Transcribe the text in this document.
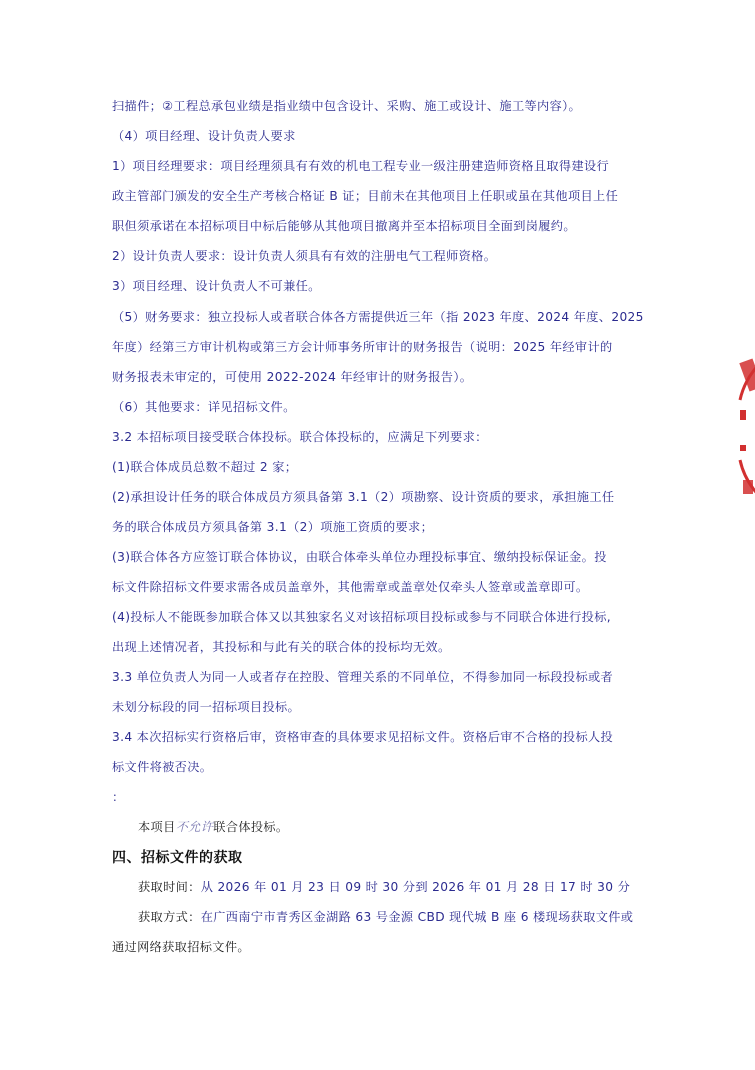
扫描件；②工程总承包业绩是指业绩中包含设计、采购、施工或设计、施工等内容）。
（4）项目经理、设计负责人要求
1）项目经理要求：项目经理须具有有效的机电工程专业一级注册建造师资格且取得建设行
政主管部门颁发的安全生产考核合格证 B 证；目前未在其他项目上任职或虽在其他项目上任
职但须承诺在本招标项目中标后能够从其他项目撤离并至本招标项目全面到岗履约。
2）设计负责人要求：设计负责人须具有有效的注册电气工程师资格。
3）项目经理、设计负责人不可兼任。
（5）财务要求：独立投标人或者联合体各方需提供近三年（指 2023 年度、2024 年度、2025
年度）经第三方审计机构或第三方会计师事务所审计的财务报告（说明：2025 年经审计的
财务报表未审定的，可使用 2022-2024 年经审计的财务报告）。
（6）其他要求：详见招标文件。
3.2 本招标项目接受联合体投标。联合体投标的，应满足下列要求：
(1)联合体成员总数不超过 2 家；
(2)承担设计任务的联合体成员方须具备第 3.1（2）项勘察、设计资质的要求，承担施工任
务的联合体成员方须具备第 3.1（2）项施工资质的要求；
(3)联合体各方应签订联合体协议，由联合体牵头单位办理投标事宜、缴纳投标保证金。投
标文件除招标文件要求需各成员盖章外，其他需章或盖章处仅牵头人签章或盖章即可。
(4)投标人不能既参加联合体又以其独家名义对该招标项目投标或参与不同联合体进行投标,
出现上述情况者，其投标和与此有关的联合体的投标均无效。
3.3 单位负责人为同一人或者存在控股、管理关系的不同单位，不得参加同一标段投标或者
未划分标段的同一招标项目投标。
3.4 本次招标实行资格后审，资格审查的具体要求见招标文件。资格后审不合格的投标人投
标文件将被否决。
：
本项目不允许联合体投标。
四、招标文件的获取
获取时间：从 2026 年 01 月 23 日 09 时 30 分到 2026 年 01 月 28 日 17 时 30 分
获取方式：在广西南宁市青秀区金湖路 63 号金源 CBD 现代城 B 座 6 楼现场获取文件或
通过网络获取招标文件。
